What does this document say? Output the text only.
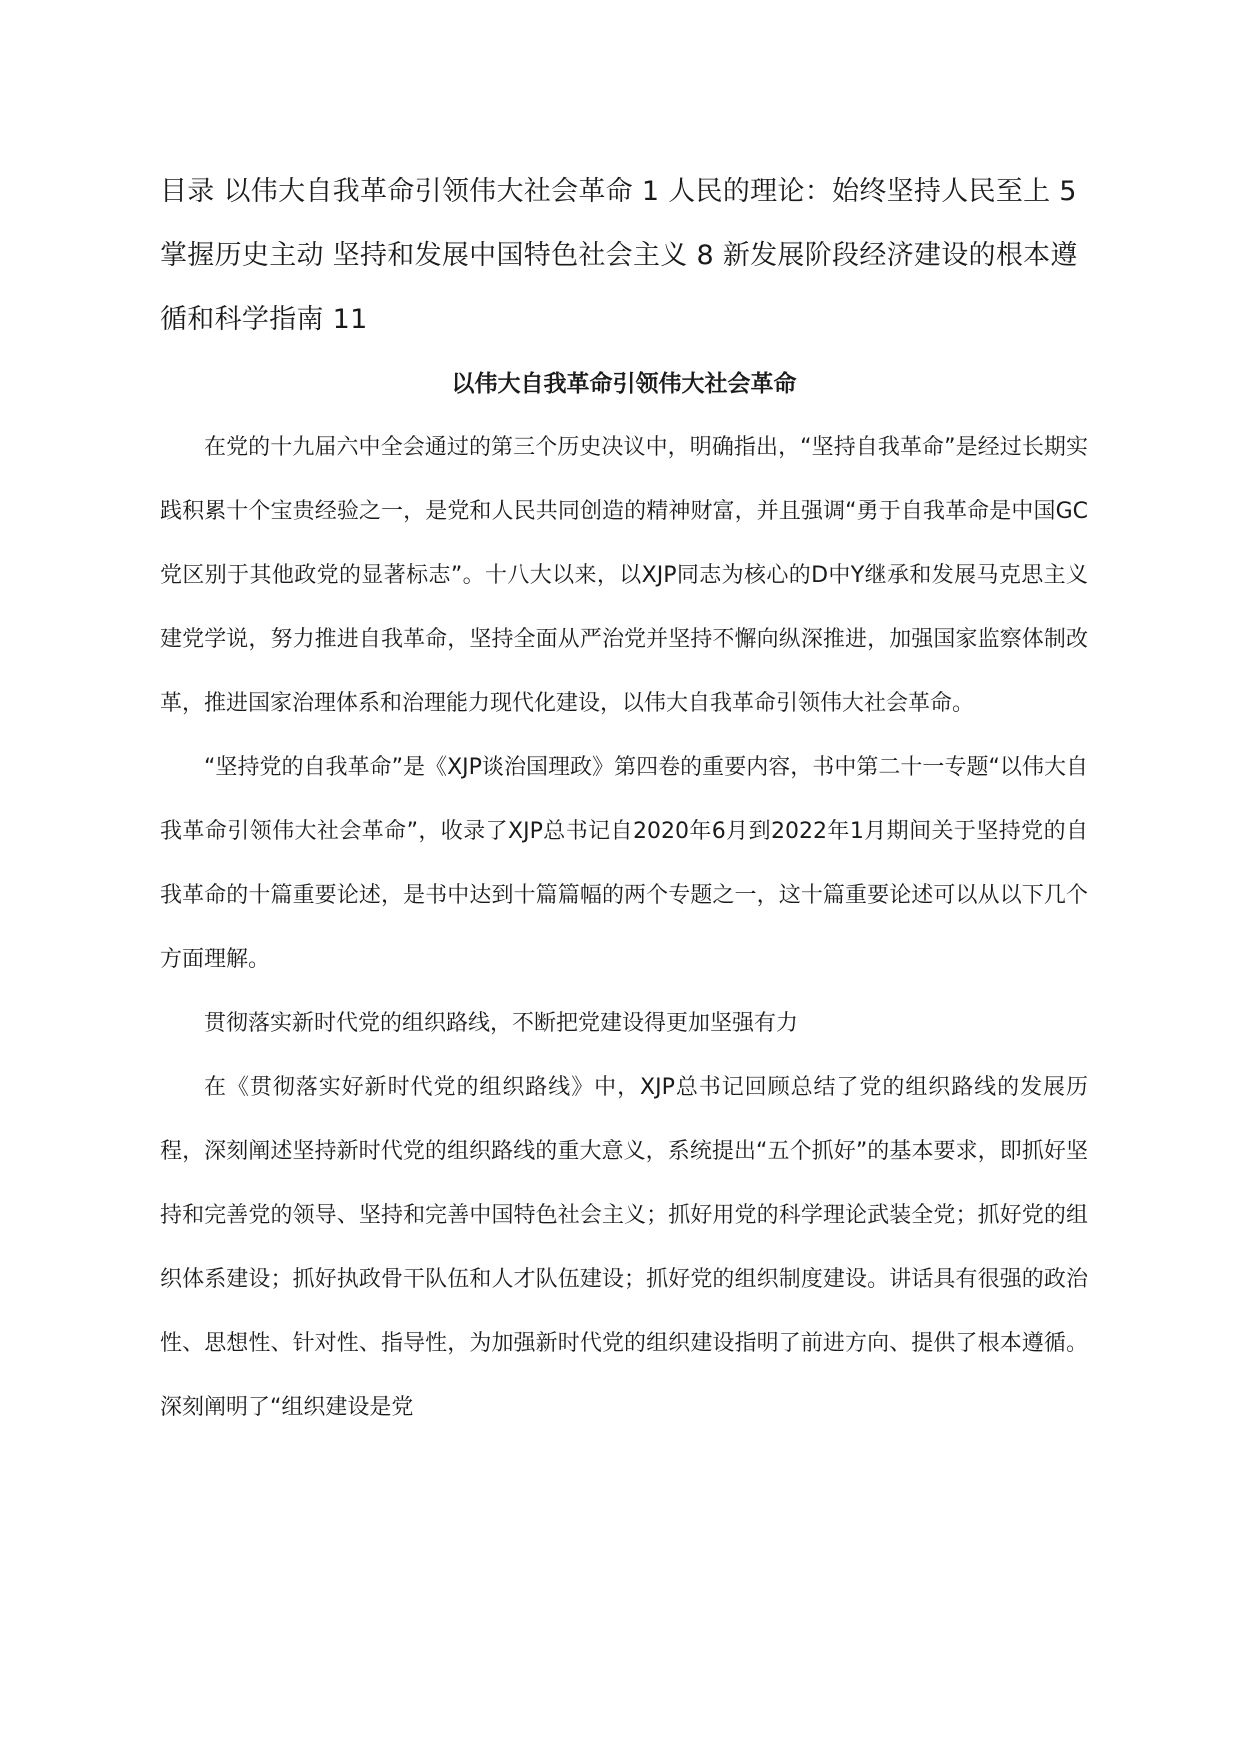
目录 以伟大自我革命引领伟大社会革命 1 人民的理论：始终坚持人民至上 5 掌握历史主动 坚持和发展中国特色社会主义 8 新发展阶段经济建设的根本遵循和科学指南 11

以伟大自我革命引领伟大社会革命

在党的十九届六中全会通过的第三个历史决议中，明确指出，“坚持自我革命”是经过长期实践积累十个宝贵经验之一，是党和人民共同创造的精神财富，并且强调“勇于自我革命是中国GC党区别于其他政党的显著标志”。十八大以来，以XJP同志为核心的D中Y继承和发展马克思主义建党学说，努力推进自我革命，坚持全面从严治党并坚持不懈向纵深推进，加强国家监察体制改革，推进国家治理体系和治理能力现代化建设，以伟大自我革命引领伟大社会革命。

“坚持党的自我革命”是《XJP谈治国理政》第四卷的重要内容，书中第二十一专题“以伟大自我革命引领伟大社会革命”，收录了XJP总书记自2020年6月到2022年1月期间关于坚持党的自我革命的十篇重要论述，是书中达到十篇篇幅的两个专题之一，这十篇重要论述可以从以下几个方面理解。

贯彻落实新时代党的组织路线，不断把党建设得更加坚强有力

在《贯彻落实好新时代党的组织路线》中，XJP总书记回顾总结了党的组织路线的发展历程，深刻阐述坚持新时代党的组织路线的重大意义，系统提出“五个抓好”的基本要求，即抓好坚持和完善党的领导、坚持和完善中国特色社会主义；抓好用党的科学理论武装全党；抓好党的组织体系建设；抓好执政骨干队伍和人才队伍建设；抓好党的组织制度建设。讲话具有很强的政治性、思想性、针对性、指导性，为加强新时代党的组织建设指明了前进方向、提供了根本遵循。深刻阐明了“组织建设是党
